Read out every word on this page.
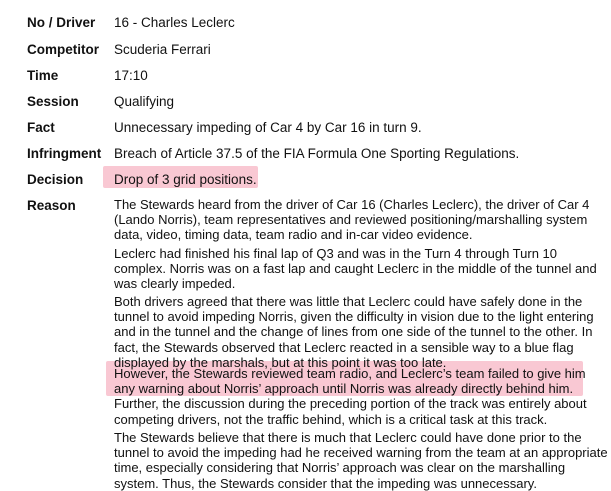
No / Driver 16 - Charles Leclerc
Competitor Scuderia Ferrari
Time	17:10
Session	Qualifying
Fact	Unnecessary impeding of Car 4 by Car 16 in turn 9.
Infringment Breach of Article 37.5 of the FIA Formula One Sporting Regulations.
Decision Drop of 3 grid positions.
Reason	The Stewards heard from the driver of Car 16 (Charles Leclerc), the driver of Car 4
(Lando Norris), team representatives and reviewed positioning/marshalling system
data, video, timing data, team radio and in-car video evidence.
Leclerc had finished his final lap of Q3 and was in the Turn 4 through Turn 10
complex. Norris was on a fast lap and caught Leclerc in the middle of the tunnel and
was clearly impeded.
Both drivers agreed that there was little that Leclerc could have safely done in the
tunnel to avoid impeding Norris, given the difficulty in vision due to the light entering
and in the tunnel and the change of lines from one side of the tunnel to the other. In
fact, the Stewards observed that Leclerc reacted in a sensible way to a blue flag
displayed by the marshals, but at this point it was too late.
However, the Stewards reviewed team radio, and Leclerc’s team failed to give him
any warning about Norris’ approach until Norris was already directly behind him.
Further, the discussion during the preceding portion of the track was entirely about
competing drivers, not the traffic behind, which is a critical task at this track.
The Stewards believe that there is much that Leclerc could have done prior to the
tunnel to avoid the impeding had he received warning from the team at an appropriate
time, especially considering that Norris’ approach was clear on the marshalling
system. Thus, the Stewards consider that the impeding was unnecessary.
